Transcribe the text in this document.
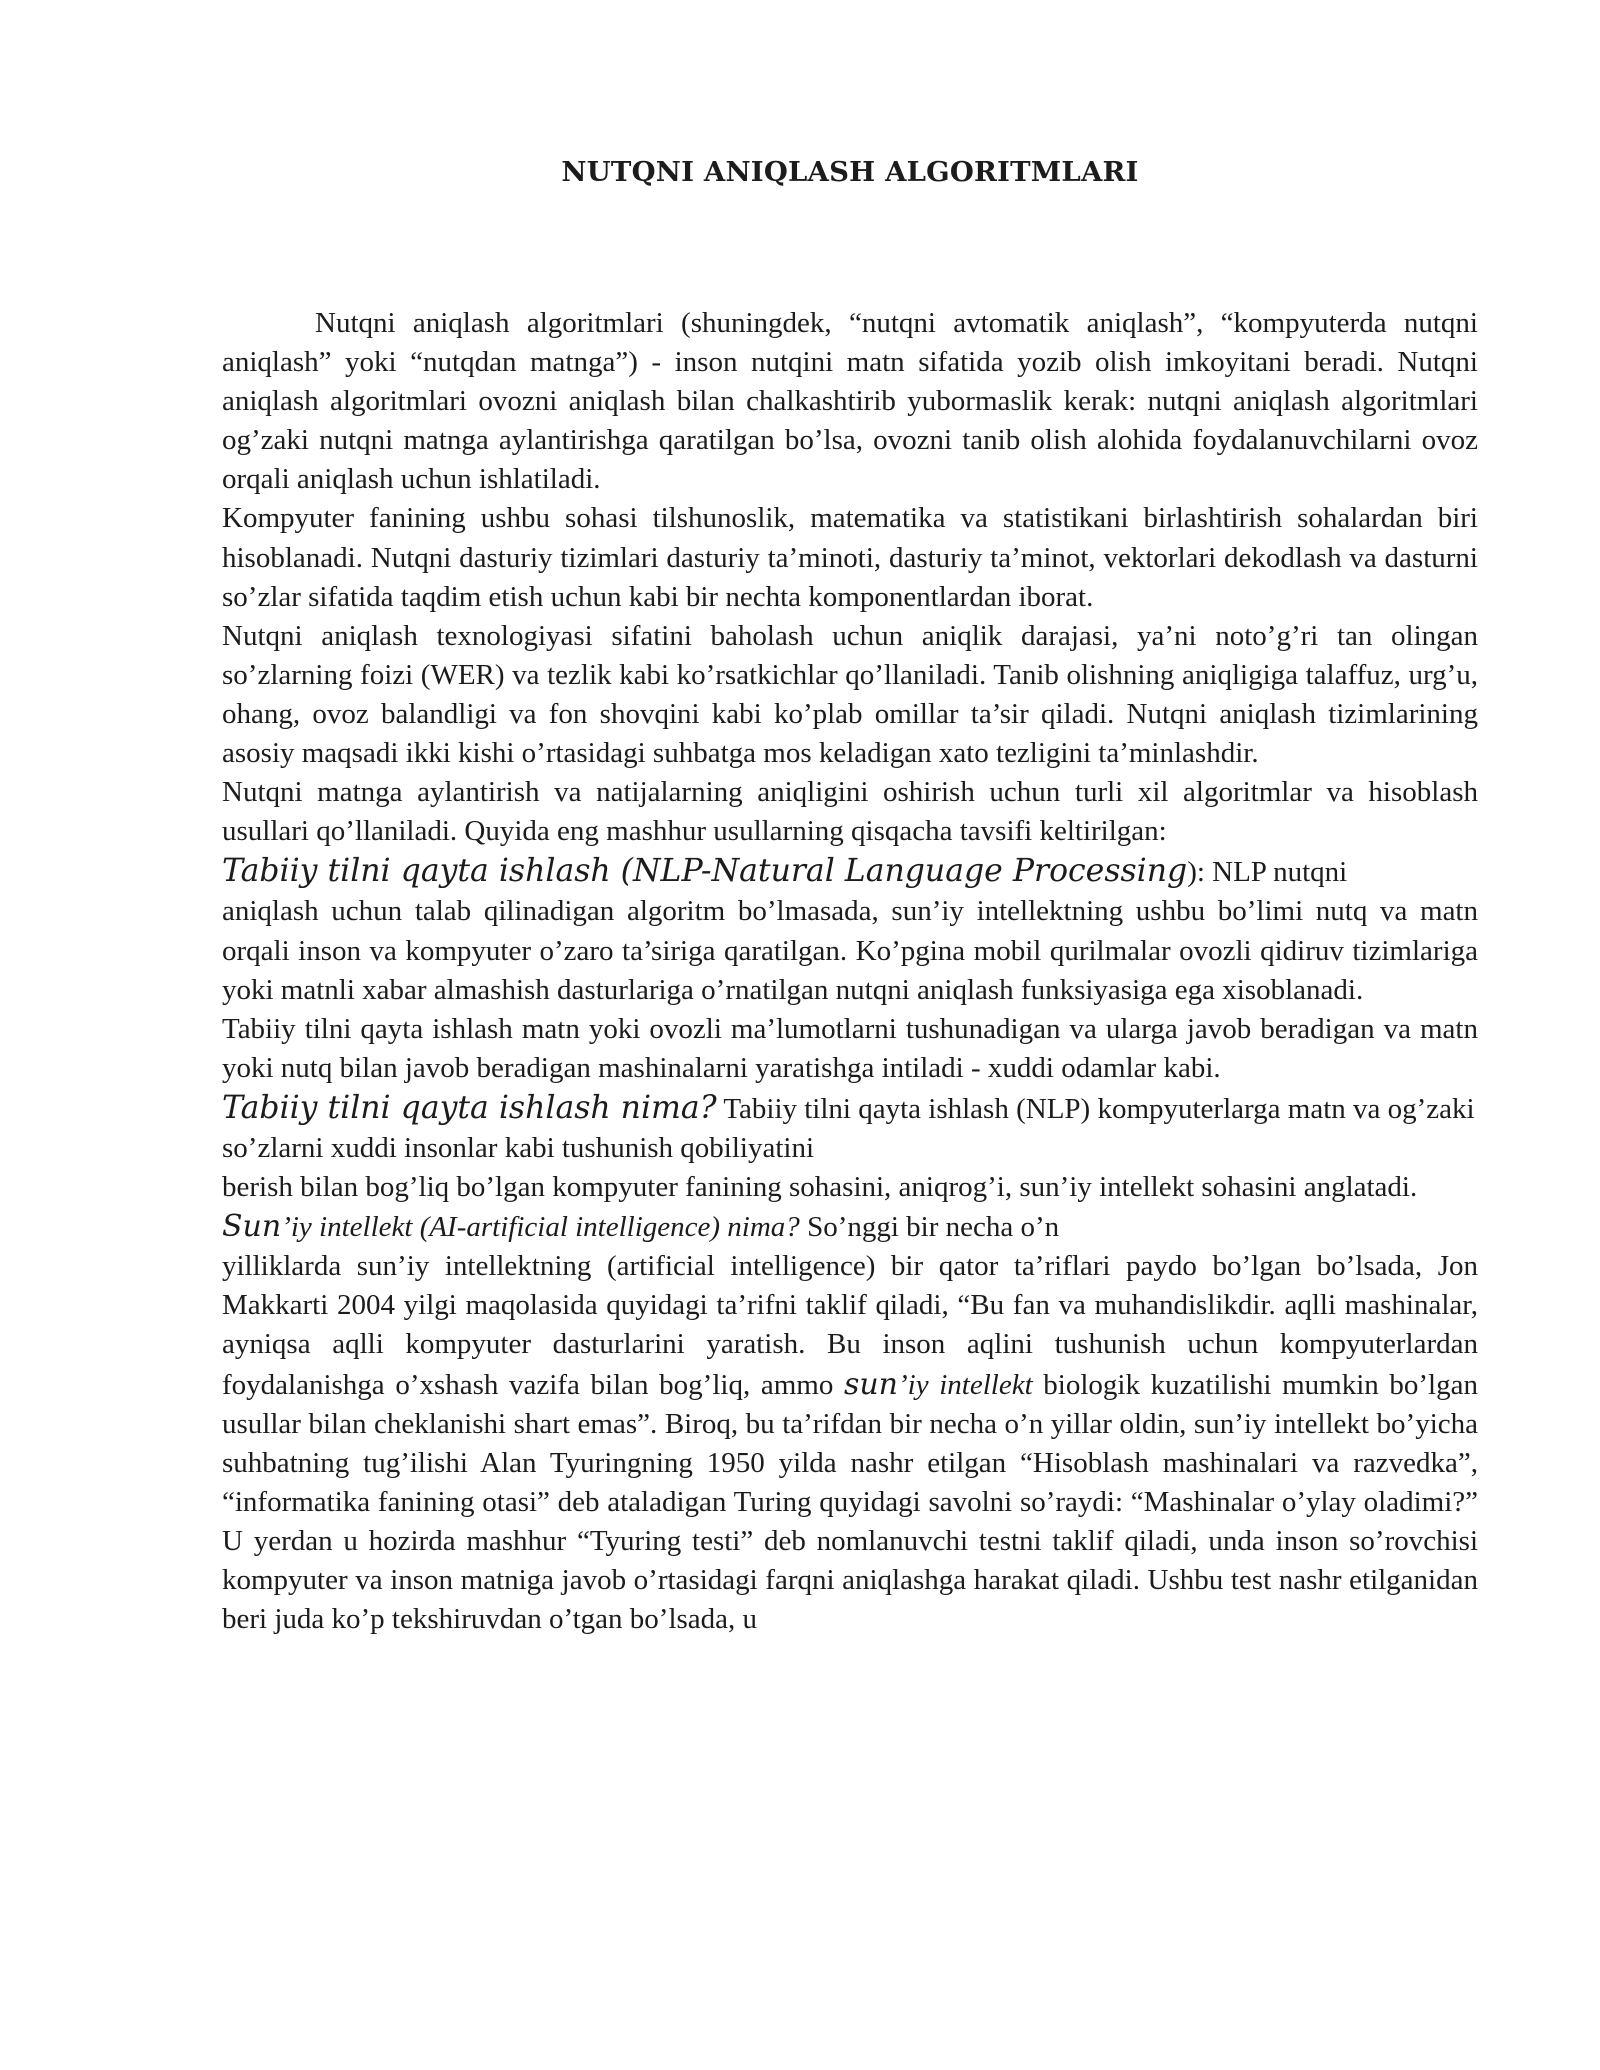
NUTQNI ANIQLASH ALGORITMLARI

Nutqni aniqlash algoritmlari (shuningdek, “nutqni avtomatik aniqlash”, “kompyuterda nutqni aniqlash” yoki “nutqdan matnga”) - inson nutqini matn sifatida yozib olish imkoyitani beradi. Nutqni aniqlash algoritmlari ovozni aniqlash bilan chalkashtirib yubormaslik kerak: nutqni aniqlash algoritmlari og’zaki nutqni matnga aylantirishga qaratilgan bo’lsa, ovozni tanib olish alohida foydalanuvchilarni ovoz orqali aniqlash uchun ishlatiladi.

Kompyuter fanining ushbu sohasi tilshunoslik, matematika va statistikani birlashtirish sohalardan biri hisoblanadi. Nutqni dasturiy tizimlari dasturiy ta’minoti, dasturiy ta’minot, vektorlari dekodlash va dasturni so’zlar sifatida taqdim etish uchun kabi bir nechta komponentlardan iborat.

Nutqni aniqlash texnologiyasi sifatini baholash uchun aniqlik darajasi, ya’ni noto’g’ri tan olingan so’zlarning foizi (WER) va tezlik kabi ko’rsatkichlar qo’llaniladi. Tanib olishning aniqligiga talaffuz, urg’u, ohang, ovoz balandligi va fon shovqini kabi ko’plab omillar ta’sir qiladi. Nutqni aniqlash tizimlarining asosiy maqsadi ikki kishi o’rtasidagi suhbatga mos keladigan xato tezligini ta’minlashdir.

Nutqni matnga aylantirish va natijalarning aniqligini oshirish uchun turli xil algoritmlar va hisoblash usullari qo’llaniladi. Quyida eng mashhur usullarning qisqacha tavsifi keltirilgan:

Tabiiy tilni qayta ishlash (NLP-Natural Language Processing): NLP nutqni

aniqlash uchun talab qilinadigan algoritm bo’lmasada, sun’iy intellektning ushbu bo’limi nutq va matn orqali inson va kompyuter o’zaro ta’siriga qaratilgan. Ko’pgina mobil qurilmalar ovozli qidiruv tizimlariga yoki matnli xabar almashish dasturlariga o’rnatilgan nutqni aniqlash funksiyasiga ega xisoblanadi.

Tabiiy tilni qayta ishlash matn yoki ovozli ma’lumotlarni tushunadigan va ularga javob beradigan va matn yoki nutq bilan javob beradigan mashinalarni yaratishga intiladi - xuddi odamlar kabi.

Tabiiy tilni qayta ishlash nima? Tabiiy tilni qayta ishlash (NLP) kompyuterlarga matn va og’zaki so’zlarni xuddi insonlar kabi tushunish qobiliyatini

berish bilan bog’liq bo’lgan kompyuter fanining sohasini, aniqrog’i, sun’iy intellekt sohasini anglatadi.

Sun’iy intellekt (AI-artificial intelligence) nima? So’nggi bir necha o’n

yilliklarda sun’iy intellektning (artificial intelligence) bir qator ta’riflari paydo bo’lgan bo’lsada, Jon Makkarti 2004 yilgi maqolasida quyidagi ta’rifni taklif qiladi, “Bu fan va muhandislikdir. aqlli mashinalar, ayniqsa aqlli kompyuter dasturlarini yaratish. Bu inson aqlini tushunish uchun kompyuterlardan foydalanishga o’xshash vazifa bilan bog’liq, ammo sun’iy intellekt biologik kuzatilishi mumkin bo’lgan usullar bilan cheklanishi shart emas”. Biroq, bu ta’rifdan bir necha o’n yillar oldin, sun’iy intellekt bo’yicha suhbatning tug’ilishi Alan Tyuringning 1950 yilda nashr etilgan “Hisoblash mashinalari va razvedka”, “informatika fanining otasi” deb ataladigan Turing quyidagi savolni so’raydi: “Mashinalar o’ylay oladimi?” U yerdan u hozirda mashhur “Tyuring testi” deb nomlanuvchi testni taklif qiladi, unda inson so’rovchisi kompyuter va inson matniga javob o’rtasidagi farqni aniqlashga harakat qiladi. Ushbu test nashr etilganidan beri juda ko’p tekshiruvdan o’tgan bo’lsada, u
